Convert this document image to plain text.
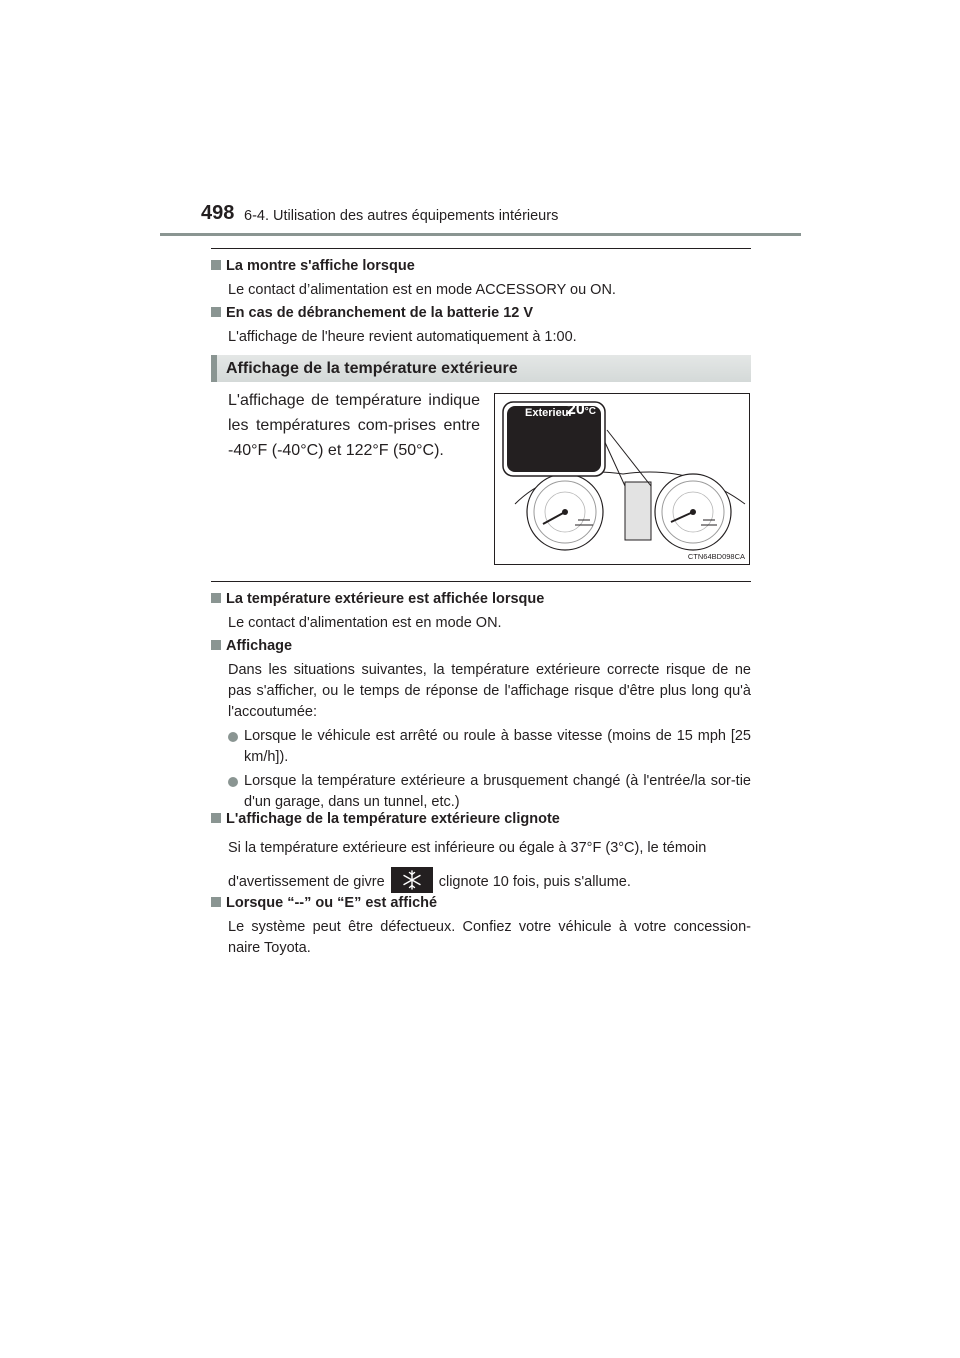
498 6-4. Utilisation des autres équipements intérieurs
La montre s'affiche lorsque
Le contact d’alimentation est en mode ACCESSORY ou ON.
En cas de débranchement de la batterie 12 V
L'affichage de l'heure revient automatiquement à 1:00.
Affichage de la température extérieure
L'affichage de température indique les températures com-prises entre -40°F (-40°C) et 122°F (50°C).
Exterieur
20°C
CTN64BD098CA
La température extérieure est affichée lorsque
Le contact d'alimentation est en mode ON.
Affichage
Dans les situations suivantes, la température extérieure correcte risque de ne pas s'afficher, ou le temps de réponse de l'affichage risque d'être plus long qu'à l'accoutumée:
Lorsque le véhicule est arrêté ou roule à basse vitesse (moins de 15 mph [25 km/h]).
Lorsque la température extérieure a brusquement changé (à l'entrée/la sor-tie d'un garage, dans un tunnel, etc.)
L'affichage de la température extérieure clignote
Si la température extérieure est inférieure ou égale à 37°F (3°C), le témoin
d'avertissement de givre	clignote 10 fois, puis s'allume.
Lorsque “--” ou “E” est affiché
Le système peut être défectueux. Confiez votre véhicule à votre concession-naire Toyota.
